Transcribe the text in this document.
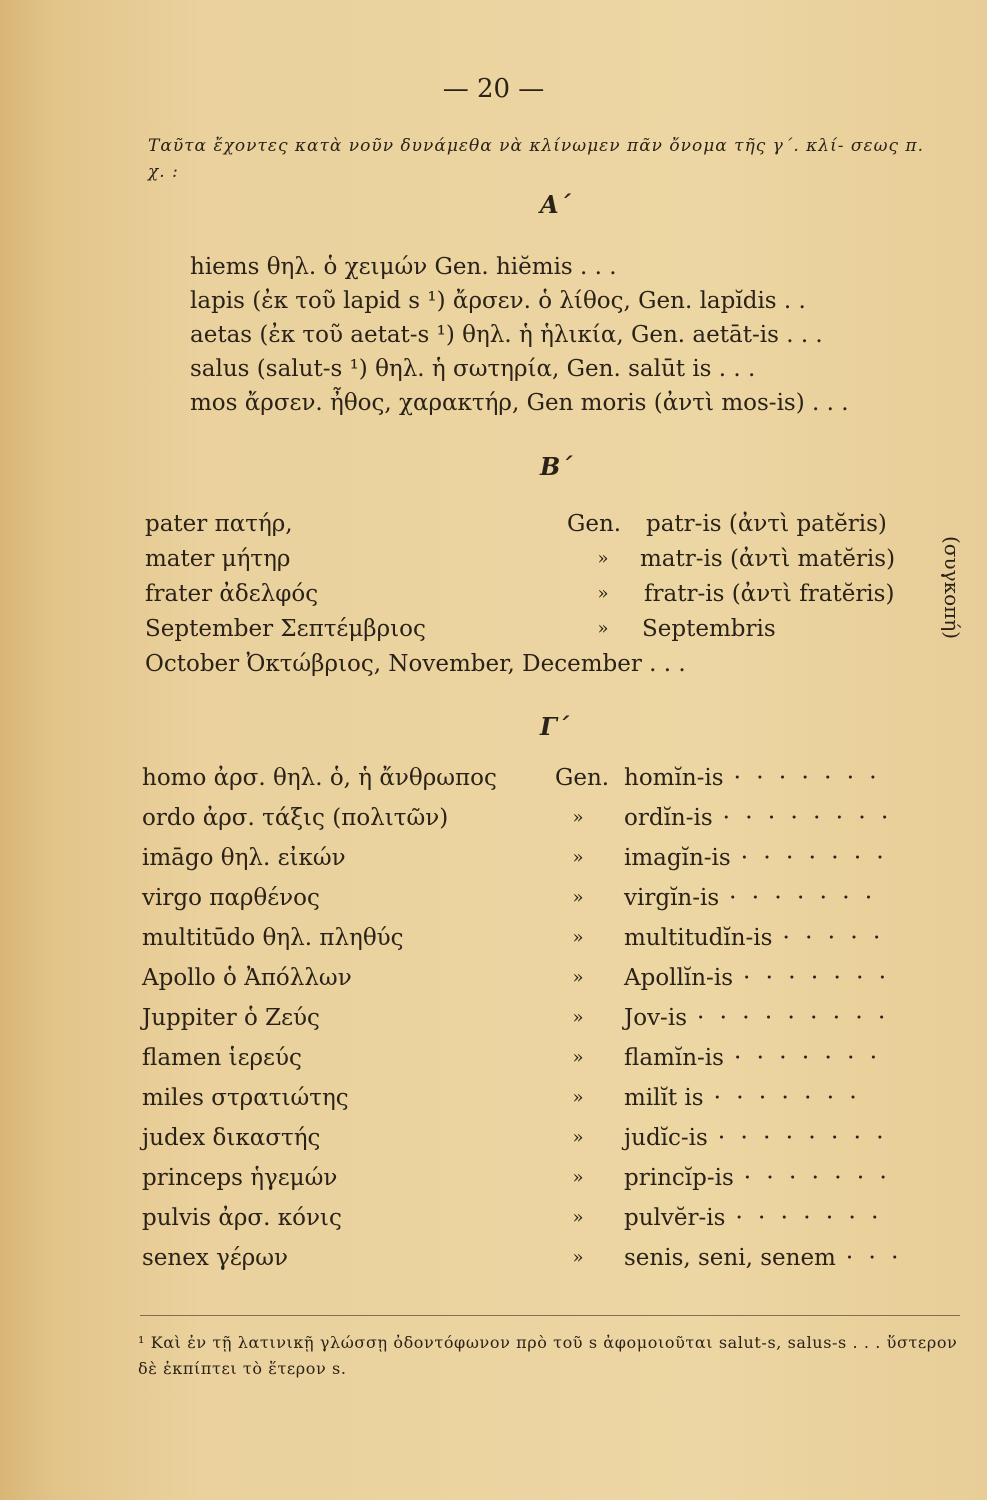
— 20 —
Ταῦτα ἔχοντες κατὰ νοῦν δυνάμεθα νὰ κλίνωμεν πᾶν ὄνομα τῆς γ΄. κλί- σεως π. χ. :
Α΄
hiems θηλ. ὁ χειμών Gen. hiĕmis . . .
lapis (ἐκ τοῦ lapid s ¹) ἄρσεν. ὁ λίθος, Gen. lapĭdis . .
aetas (ἐκ τοῦ aetat-s ¹) θηλ. ἡ ἡλικία, Gen. aetāt-is . . .
salus (salut-s ¹) θηλ. ἡ σωτηρία, Gen. salūt is . . .
mos ἄρσεν. ἦθος, χαρακτήρ, Gen moris (ἀντὶ mos-is) . . .
Β΄
pater πατήρ,	Gen. patr-is (ἀντὶ patĕris)
mater μήτηρ	»	matr-is (ἀντὶ matĕris)
frater ἀδελφός	»	fratr-is (ἀντὶ fratĕris)
September Σεπτέμβριος	»	Septembris
October Ὀκτώβριος, November, December . . .
(συγκοπή)
Γ΄
homo ἀρσ. θηλ. ὁ, ἡ ἄνθρωπος	Gen. homĭn-is · · · · · · ·
ordo ἀρσ. τάξις (πολιτῶν)	»	ordĭn-is · · · · · · · ·
imāgo θηλ. εἰκών	»	imagĭn-is · · · · · · ·
virgo παρθένος	»	virgĭn-is · · · · · · ·
multitūdo θηλ. πληθύς	»	multitudĭn-is · · · · ·
Apollo ὁ Ἀπόλλων	»	Apollĭn-is · · · · · · ·
Juppiter ὁ Ζεύς	»	Jov-is · · · · · · · · ·
flamen ἱερεύς	»	flamĭn-is · · · · · · ·
miles στρατιώτης	»	milĭt is · · · · · · ·
judex δικαστής	»	judĭc-is · · · · · · · ·
princeps ἡγεμών	»	princĭp-is · · · · · · ·
pulvis ἀρσ. κόνις	»	pulvĕr-is · · · · · · ·
senex γέρων	»	senis, seni, senem · · ·
¹ Καὶ ἐν τῇ λατινικῇ γλώσσῃ ὀδοντόφωνον πρὸ τοῦ s ἀφομοιοῦται salut-s, salus-s . . . ὕστερον δὲ ἐκπίπτει τὸ ἕτερον s.
